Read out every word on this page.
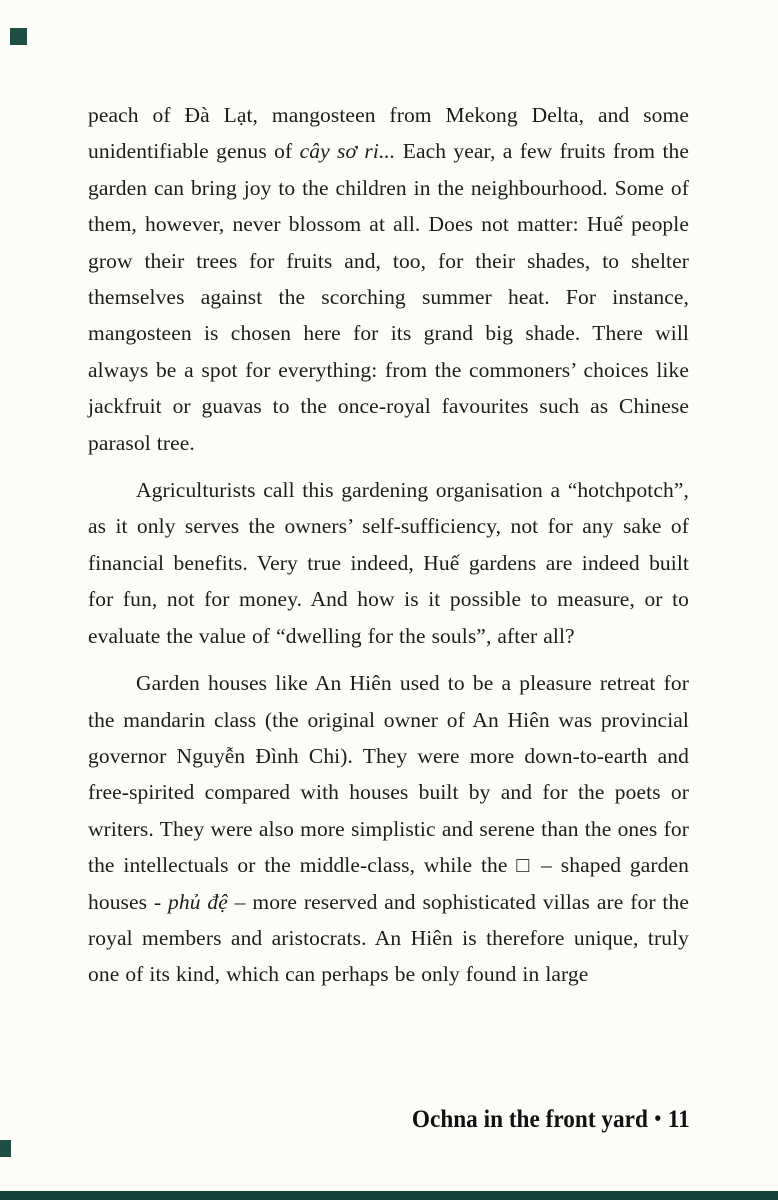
peach of Đà Lạt, mangosteen from Mekong Delta, and some unidentifiable genus of cây sơ ri... Each year, a few fruits from the garden can bring joy to the children in the neighbourhood. Some of them, however, never blossom at all. Does not matter: Huế people grow their trees for fruits and, too, for their shades, to shelter themselves against the scorching summer heat. For instance, mangosteen is chosen here for its grand big shade. There will always be a spot for everything: from the commoners’ choices like jackfruit or guavas to the once-royal favourites such as Chinese parasol tree.

Agriculturists call this gardening organisation a “hotchpotch”, as it only serves the owners’ self-sufficiency, not for any sake of financial benefits. Very true indeed, Huế gardens are indeed built for fun, not for money. And how is it possible to measure, or to evaluate the value of “dwelling for the souls”, after all?

Garden houses like An Hiên used to be a pleasure retreat for the mandarin class (the original owner of An Hiên was provincial governor Nguyễn Đình Chi). They were more down-to-earth and free-spirited compared with houses built by and for the poets or writers. They were also more simplistic and serene than the ones for the intellectuals or the middle-class, while the □ – shaped garden houses - phủ đệ – more reserved and sophisticated villas are for the royal members and aristocrats. An Hiên is therefore unique, truly one of its kind, which can perhaps be only found in large

Ochna in the front yard • 11
